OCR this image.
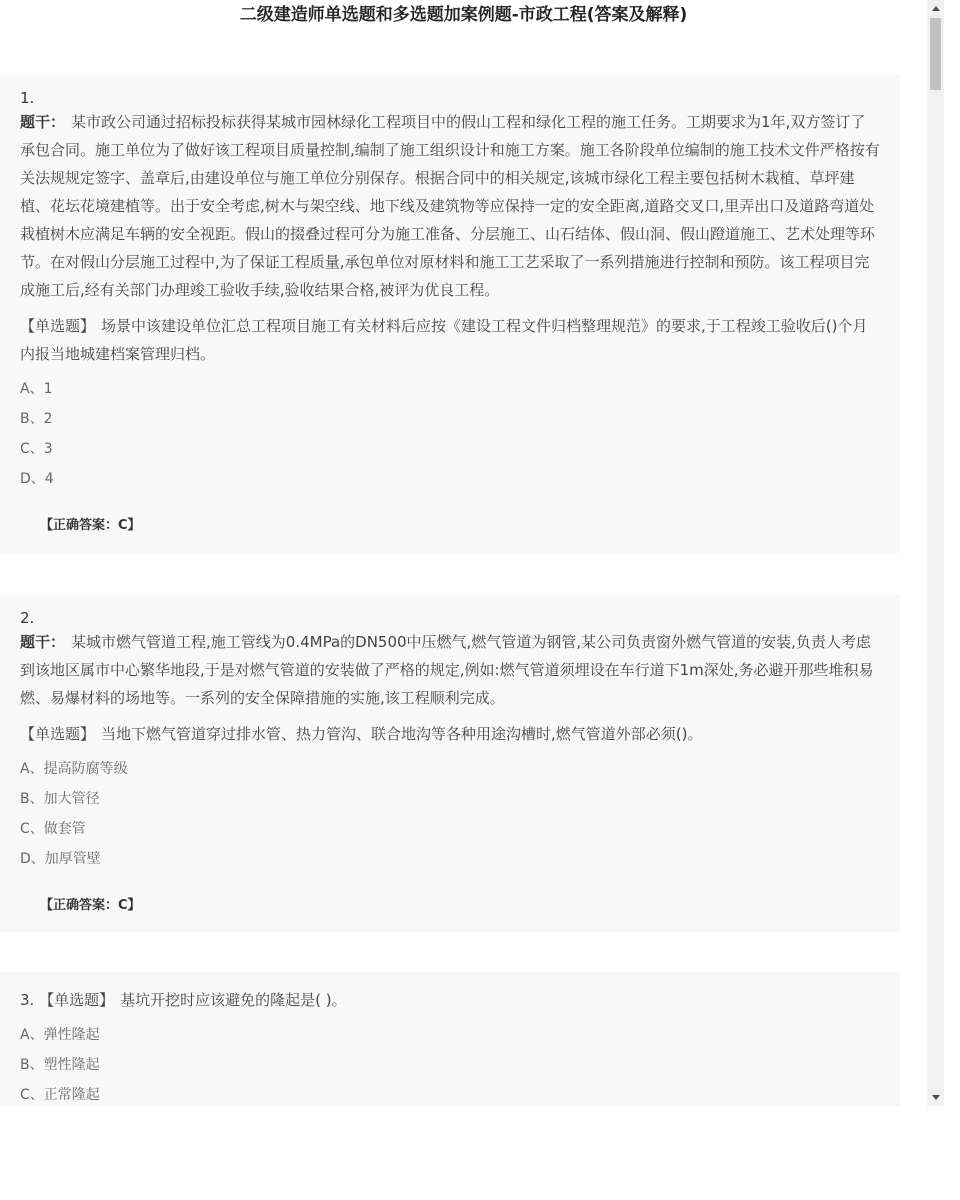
二级建造师单选题和多选题加案例题-市政工程(答案及解释)
1.
题干： 某市政公司通过招标投标获得某城市园林绿化工程项目中的假山工程和绿化工程的施工任务。工期要求为1年,双方签订了承包合同。施工单位为了做好该工程项目质量控制,编制了施工组织设计和施工方案。施工各阶段单位编制的施工技术文件严格按有关法规规定签字、盖章后,由建设单位与施工单位分别保存。根据合同中的相关规定,该城市绿化工程主要包括树木栽植、草坪建植、花坛花境建植等。出于安全考虑,树木与架空线、地下线及建筑物等应保持一定的安全距离,道路交叉口,里弄出口及道路弯道处栽植树木应满足车辆的安全视距。假山的掇叠过程可分为施工准备、分层施工、山石结体、假山洞、假山蹬道施工、艺术处理等环节。在对假山分层施工过程中,为了保证工程质量,承包单位对原材料和施工工艺采取了一系列措施进行控制和预防。该工程项目完成施工后,经有关部门办理竣工验收手续,验收结果合格,被评为优良工程。
【单选题】 场景中该建设单位汇总工程项目施工有关材料后应按《建设工程文件归档整理规范》的要求,于工程竣工验收后()个月内报当地城建档案管理归档。
A、1
B、2
C、3
D、4
【正确答案：C】
2.
题干： 某城市燃气管道工程,施工管线为0.4MPa的DN500中压燃气,燃气管道为钢管,某公司负责窗外燃气管道的安装,负责人考虑到该地区属市中心繁华地段,于是对燃气管道的安装做了严格的规定,例如:燃气管道须埋设在车行道下1m深处,务必避开那些堆积易燃、易爆材料的场地等。一系列的安全保障措施的实施,该工程顺利完成。
【单选题】 当地下燃气管道穿过排水管、热力管沟、联合地沟等各种用途沟槽时,燃气管道外部必须()。
A、提高防腐等级
B、加大管径
C、做套管
D、加厚管壁
【正确答案：C】
3. 【单选题】 基坑开挖时应该避免的隆起是( )。
A、弹性隆起
B、塑性隆起
C、正常隆起
